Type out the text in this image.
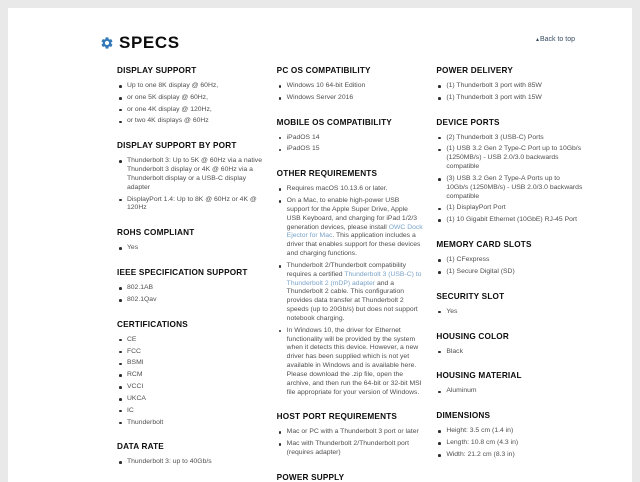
SPECS	▴Back to top
DISPLAY SUPPORT
Up to one 8K display @ 60Hz,
or one 5K display @ 60Hz,
or one 4K display @ 120Hz,
or two 4K displays @ 60Hz
DISPLAY SUPPORT BY PORT
Thunderbolt 3: Up to 5K @ 60Hz via a native Thunderbolt 3 display or 4K @ 60Hz via a Thunderbolt display or a USB-C display adapter
DisplayPort 1.4: Up to 8K @ 60Hz or 4K @ 120Hz
ROHS COMPLIANT
Yes
IEEE SPECIFICATION SUPPORT
802.1AB
802.1Qav
CERTIFICATIONS
CE
FCC
BSMI
RCM
VCCI
UKCA
IC
Thunderbolt
DATA RATE
Thunderbolt 3: up to 40Gb/s
PC OS COMPATIBILITY
Windows 10 64-bit Edition
Windows Server 2016
MOBILE OS COMPATIBILITY
iPadOS 14
iPadOS 15
OTHER REQUIREMENTS
Requires macOS 10.13.6 or later.
On a Mac, to enable high-power USB support for the Apple Super Drive, Apple USB Keyboard, and charging for iPad 1/2/3 generation devices, please install OWC Dock Ejector for Mac. This application includes a driver that enables support for these devices and charging functions.
Thunderbolt 2/Thunderbolt compatibility requires a certified Thunderbolt 3 (USB-C) to Thunderbolt 2 (mDP) adapter and a Thunderbolt 2 cable. This configuration provides data transfer at Thunderbolt 2 speeds (up to 20Gb/s) but does not support notebook charging.
In Windows 10, the driver for Ethernet functionality will be provided by the system when it detects this device. However, a new driver has been supplied which is not yet available in Windows and is available here. Please download the .zip file, open the archive, and then run the 64-bit or 32-bit MSI file appropriate for your version of Windows.
HOST PORT REQUIREMENTS
Mac or PC with a Thunderbolt 3 port or later
Mac with Thunderbolt 2/Thunderbolt port (requires adapter)
POWER SUPPLY
POWER DELIVERY
(1) Thunderbolt 3 port with 85W
(1) Thunderbolt 3 port with 15W
DEVICE PORTS
(2) Thunderbolt 3 (USB-C) Ports
(1) USB 3.2 Gen 2 Type-C Port up to 10Gb/s (1250MB/s) - USB 2.0/3.0 backwards compatible
(3) USB 3.2 Gen 2 Type-A Ports up to 10Gb/s (1250MB/s) - USB 2.0/3.0 backwards compatible
(1) DisplayPort Port
(1) 10 Gigabit Ethernet (10GbE) RJ-45 Port
MEMORY CARD SLOTS
(1) CFexpress
(1) Secure Digital (SD)
SECURITY SLOT
Yes
HOUSING COLOR
Black
HOUSING MATERIAL
Aluminum
DIMENSIONS
Height: 3.5 cm (1.4 in)
Length: 10.8 cm (4.3 in)
Width: 21.2 cm (8.3 in)
